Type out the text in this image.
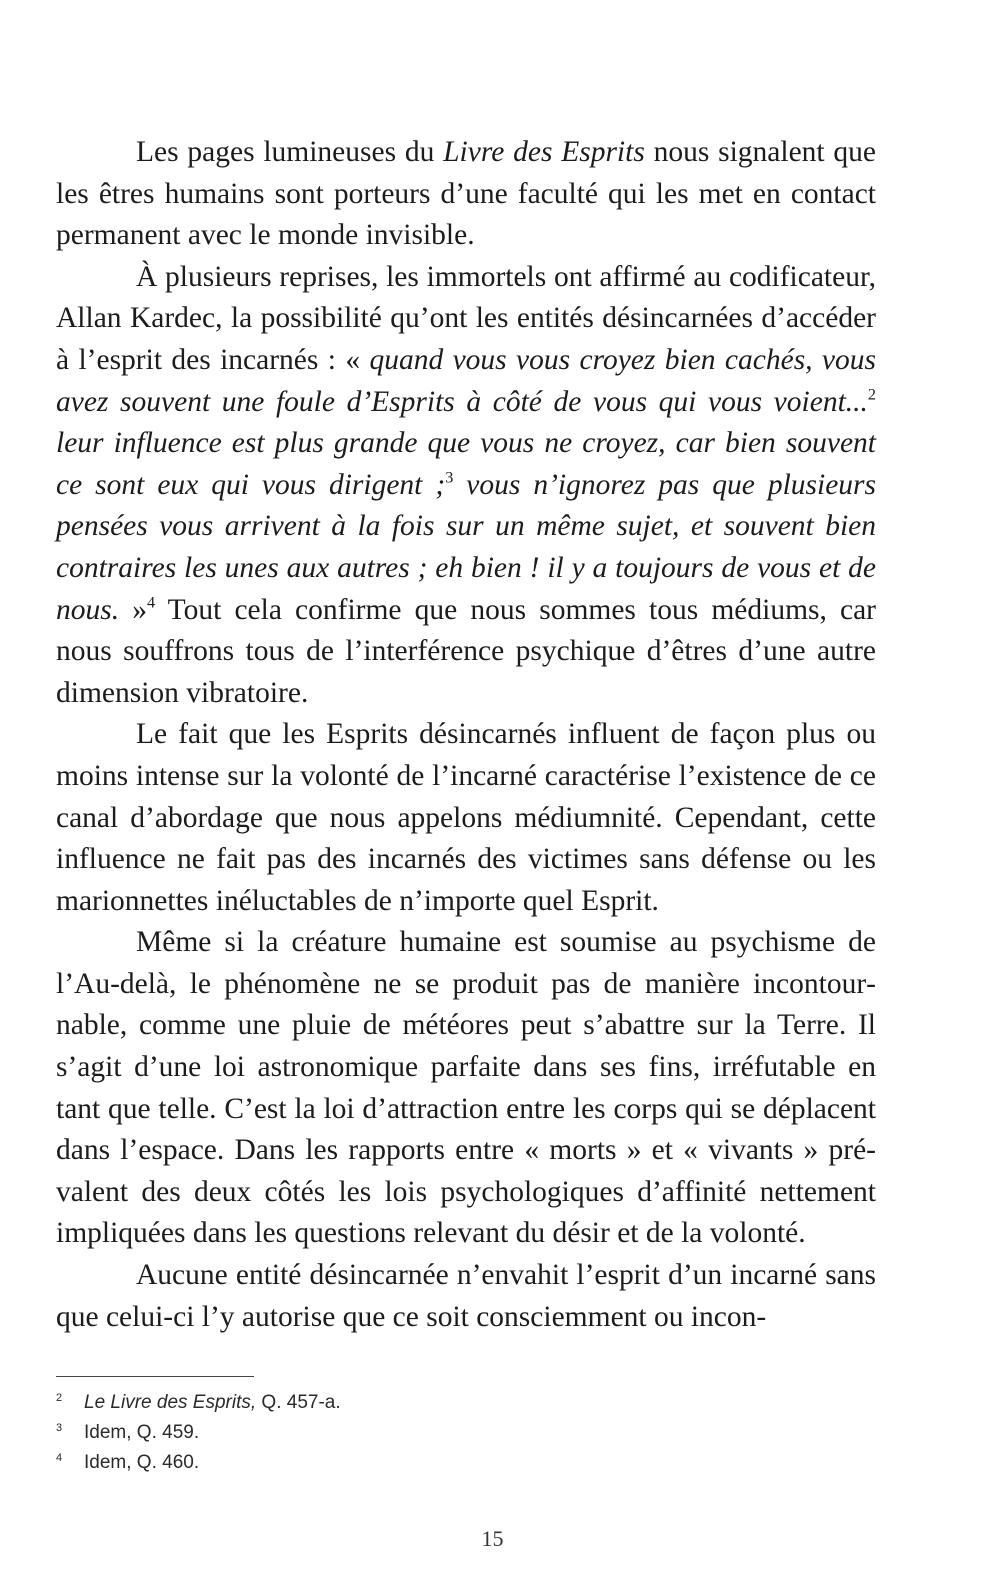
Les pages lumineuses du Livre des Esprits nous signalent que les êtres humains sont porteurs d’une faculté qui les met en contact permanent avec le monde invisible.

À plusieurs reprises, les immortels ont affirmé au codificateur, Allan Kardec, la possibilité qu’ont les entités désincarnées d’accéder à l’esprit des incarnés : « quand vous vous croyez bien cachés, vous avez souvent une foule d’Esprits à côté de vous qui vous voient...$^2$ leur influence est plus grande que vous ne croyez, car bien souvent ce sont eux qui vous dirigent ;$^3$ vous n’ignorez pas que plusieurs pensées vous arrivent à la fois sur un même sujet, et souvent bien contraires les unes aux autres ; eh bien ! il y a toujours de vous et de nous. »$^4$ Tout cela confirme que nous sommes tous médiums, car nous souffrons tous de l’interférence psychique d’êtres d’une autre dimension vibratoire.

Le fait que les Esprits désincarnés influent de façon plus ou moins intense sur la volonté de l’incarné caractérise l’existence de ce canal d’abordage que nous appelons médiumnité. Cependant, cette influence ne fait pas des incarnés des victimes sans défense ou les marionnettes inéluctables de n’importe quel Esprit.

Même si la créature humaine est soumise au psychisme de l’Au-delà, le phénomène ne se produit pas de manière incontournable, comme une pluie de météores peut s’abattre sur la Terre. Il s’agit d’une loi astronomique parfaite dans ses fins, irréfutable en tant que telle. C’est la loi d’attraction entre les corps qui se déplacent dans l’espace. Dans les rapports entre « morts » et « vivants » prévalent des deux côtés les lois psychologiques d’affinité nettement impliquées dans les questions relevant du désir et de la volonté.

Aucune entité désincarnée n’envahit l’esprit d’un incarné sans que celui-ci l’y autorise que ce soit consciemment ou incon-

2	Le Livre des Esprits, Q. 457-a.
3	Idem, Q. 459.
4	Idem, Q. 460.
15
